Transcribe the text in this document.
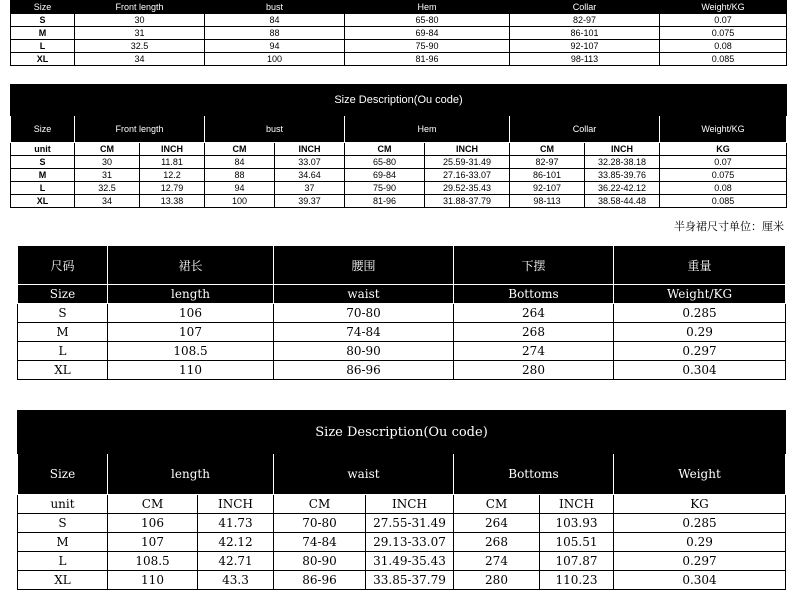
Size	Front length	bust	Hem	Collar	Weight/KG
S	30	84	65-80	82-97	0.07
M	31	88	69-84	86-101	0.075
L	32.5	94	75-90	92-107	0.08
XL	34	100	81-96	98-113	0.085
Size Description(Ou code)									
Size	Front length		bust		Hem		Collar		Weight/KG
unit	CM	INCH	CM	INCH	CM	INCH	CM	INCH	KG
S	30	11.81	84	33.07	65-80	25.59-31.49	82-97	32.28-38.18	0.07
M	31	12.2	88	34.64	69-84	27.16-33.07	86-101	33.85-39.76	0.075
L	32.5	12.79	94	37	75-90	29.52-35.43	92-107	36.22-42.12	0.08
XL	34	13.38	100	39.37	81-96	31.88-37.79	98-113	38.58-44.48	0.085
半身裙尺寸单位：厘米
尺码	裙长	腰围	下摆	重量
Size	length	waist	Bottoms	Weight/KG
S	106	70-80	264	0.285
M	107	74-84	268	0.29
L	108.5	80-90	274	0.297
XL	110	86-96	280	0.304
Size Description(Ou code)							
Size	length		waist		Bottoms		Weight
unit	CM	INCH	CM	INCH	CM	INCH	KG
S	106	41.73	70-80	27.55-31.49	264	103.93	0.285
M	107	42.12	74-84	29.13-33.07	268	105.51	0.29
L	108.5	42.71	80-90	31.49-35.43	274	107.87	0.297
XL	110	43.3	86-96	33.85-37.79	280	110.23	0.304
